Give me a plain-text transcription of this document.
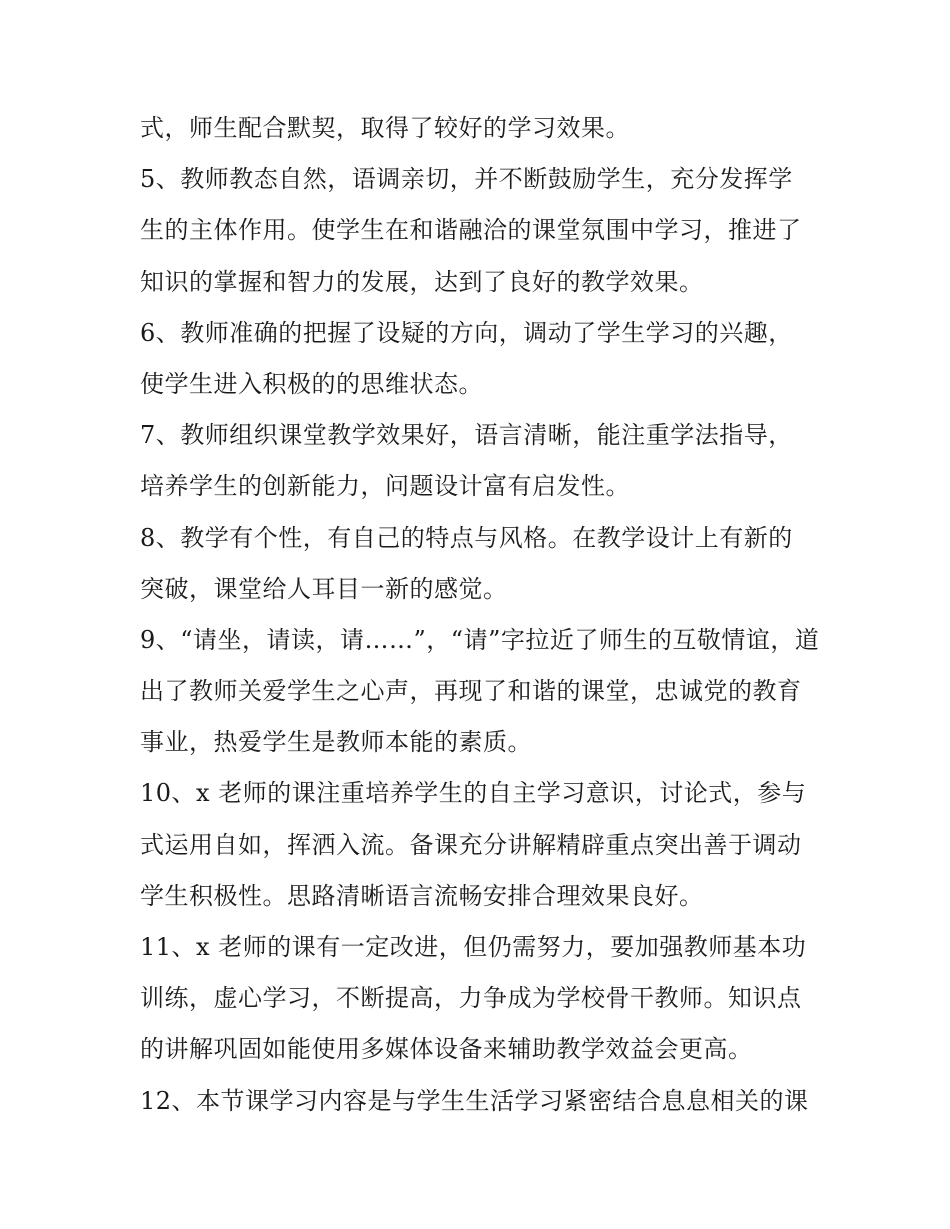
式，师生配合默契，取得了较好的学习效果。
5、教师教态自然，语调亲切，并不断鼓励学生，充分发挥学
生的主体作用。使学生在和谐融洽的课堂氛围中学习，推进了
知识的掌握和智力的发展，达到了良好的教学效果。
6、教师准确的把握了设疑的方向，调动了学生学习的兴趣，
使学生进入积极的的思维状态。
7、教师组织课堂教学效果好，语言清晰，能注重学法指导，
培养学生的创新能力，问题设计富有启发性。
8、教学有个性，有自己的特点与风格。在教学设计上有新的
突破，课堂给人耳目一新的感觉。
9、“请坐，请读，请……”，“请”字拉近了师生的互敬情谊，道
出了教师关爱学生之心声，再现了和谐的课堂，忠诚党的教育
事业，热爱学生是教师本能的素质。
10、x 老师的课注重培养学生的自主学习意识，讨论式，参与
式运用自如，挥洒入流。备课充分讲解精辟重点突出善于调动
学生积极性。思路清晰语言流畅安排合理效果良好。
11、x 老师的课有一定改进，但仍需努力，要加强教师基本功
训练，虚心学习，不断提高，力争成为学校骨干教师。知识点
的讲解巩固如能使用多媒体设备来辅助教学效益会更高。
12、本节课学习内容是与学生生活学习紧密结合息息相关的课
